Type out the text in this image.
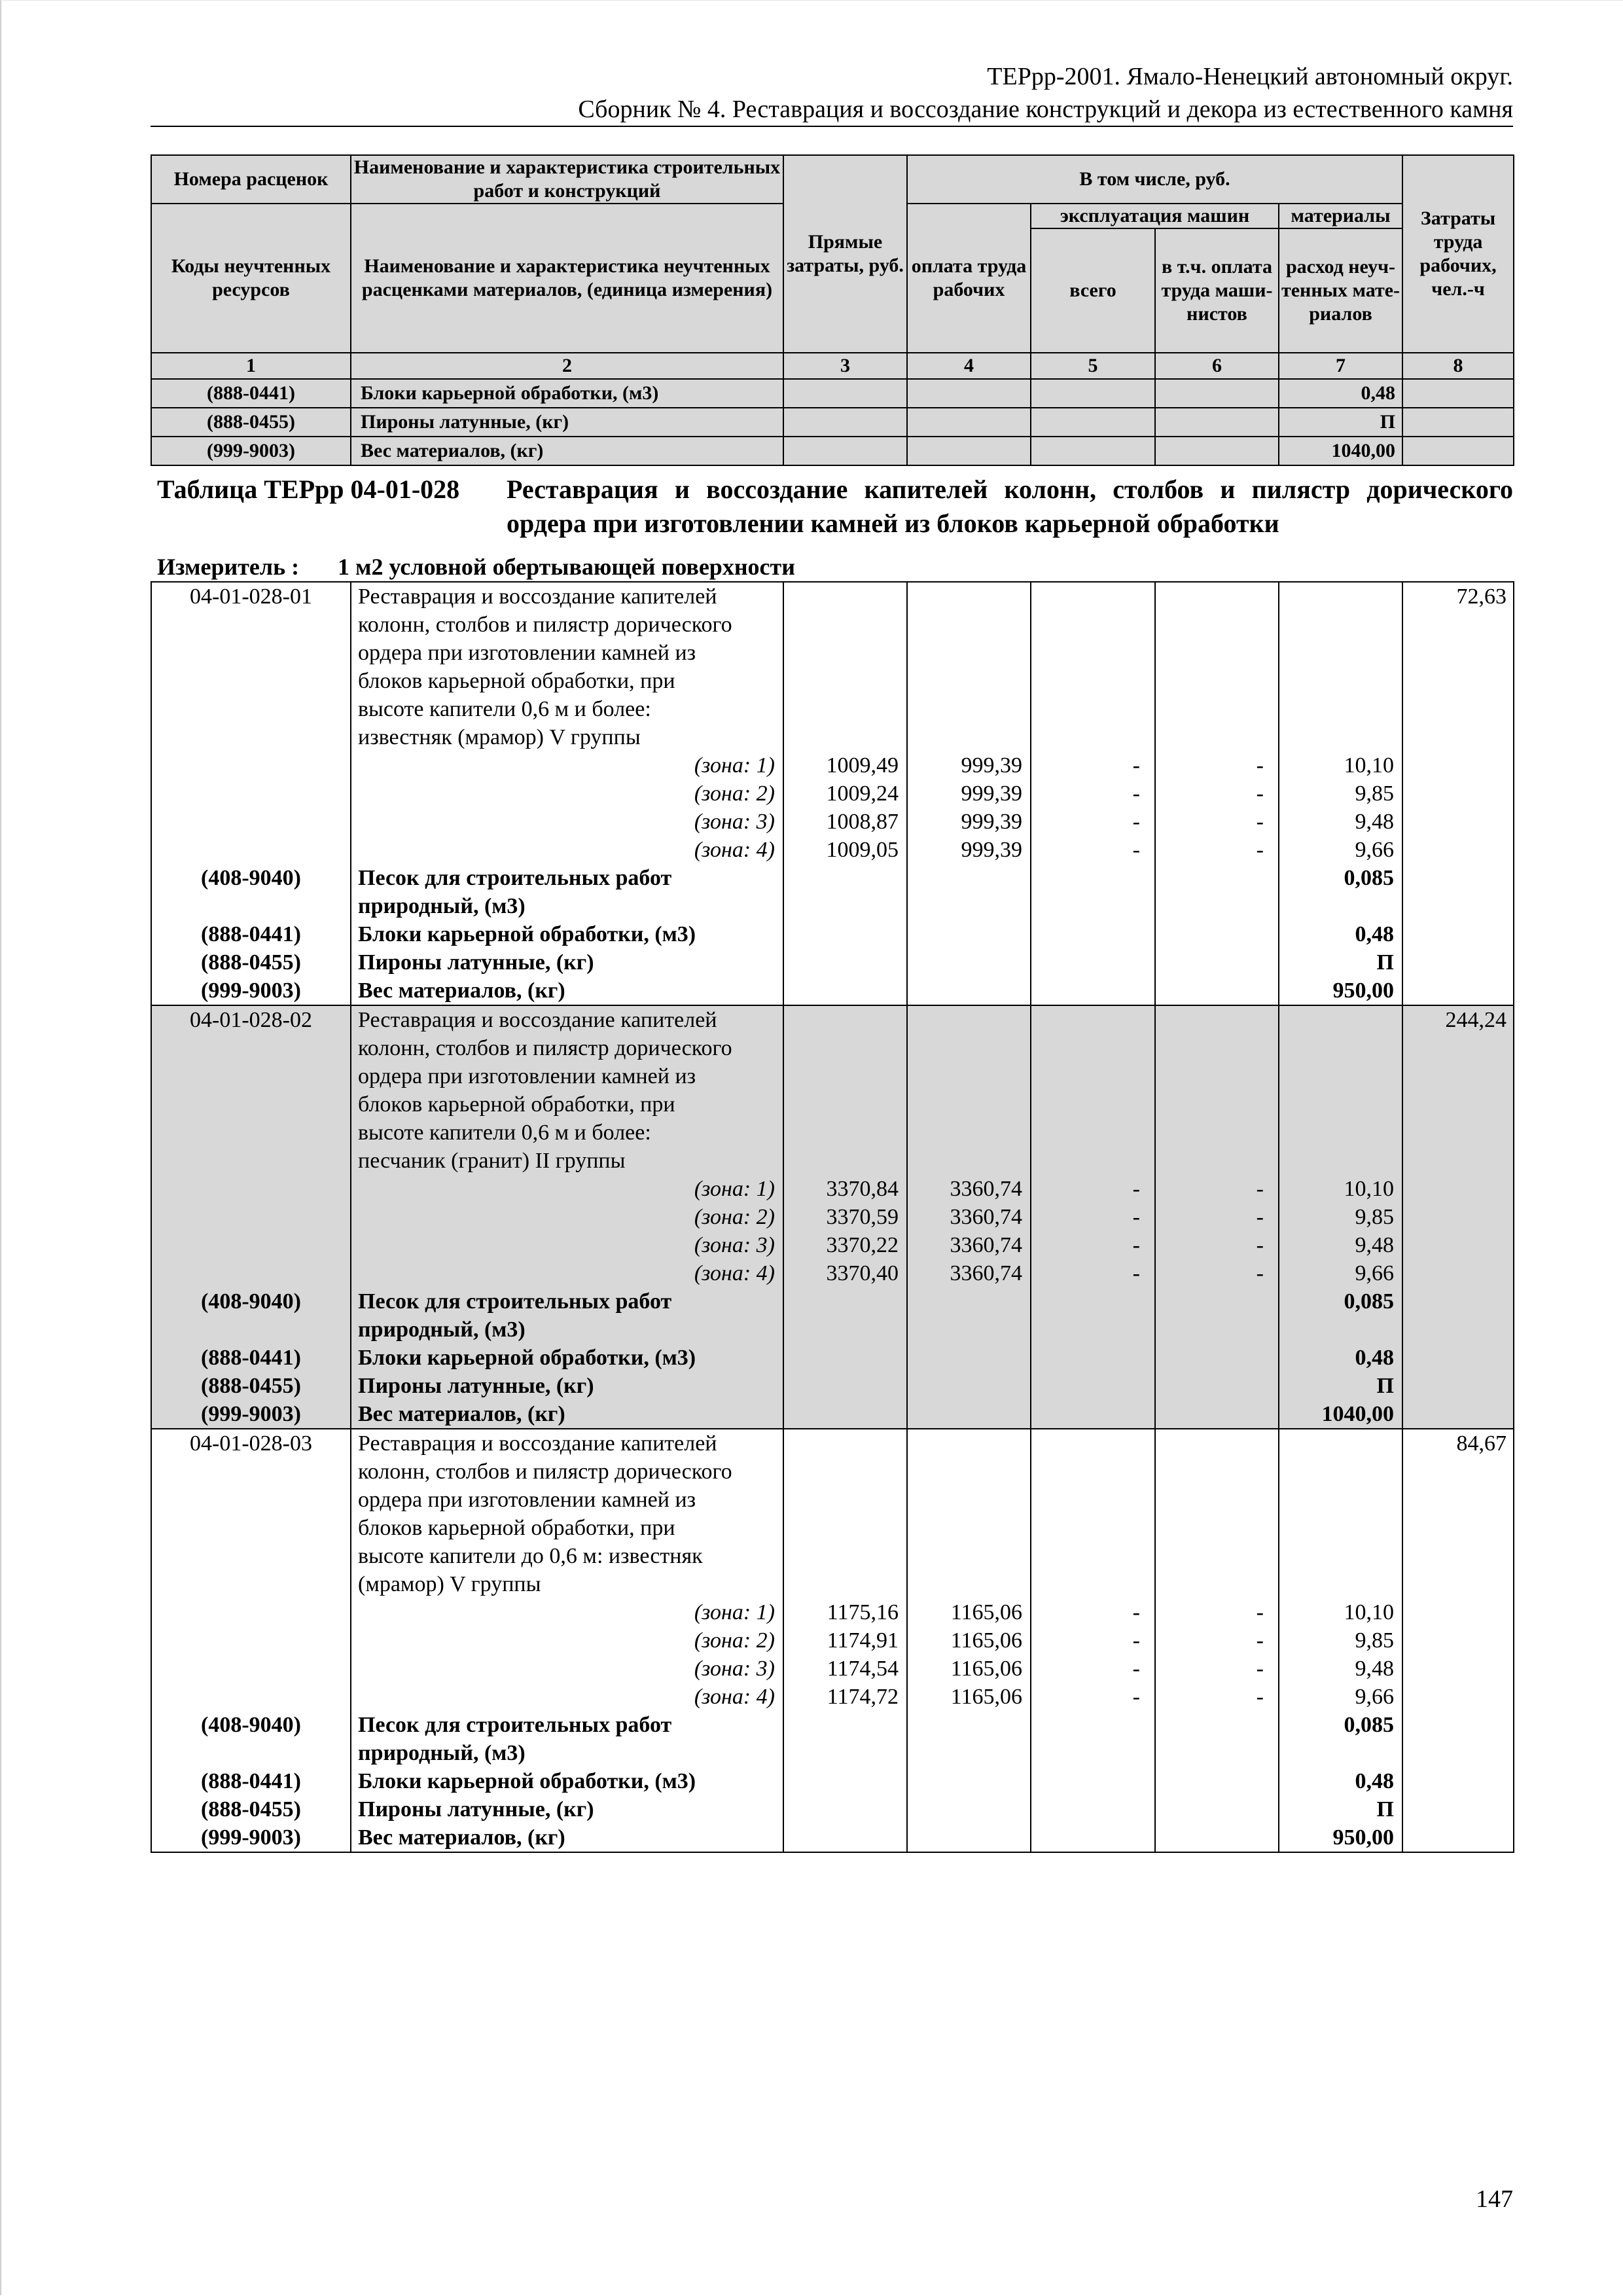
ТЕРрр-2001. Ямало-Ненецкий автономный округ.
Сборник № 4. Реставрация и воссоздание конструкций и декора из естественного камня
Номера расценок	Наименование и характеристика строительных работ и конструкций	Прямые затраты, руб.	В том числе, руб.				Затраты труда рабочих, чел.-ч
Коды неучтенных ресурсов	Наименование и характеристика неучтенных расценками материалов, (единица измерения)		оплата труда рабочих	эксплуатация машин		материалы	
				всего	в т.ч. оплата труда маши-нистов	расход неуч-тенных мате-риалов	
1	2	3	4	5	6	7	8
(888-0441)	Блоки карьерной обработки, (м3)					0,48	
(888-0455)	Пироны латунные, (кг)					П	
(999-9003)	Вес материалов, (кг)					1040,00	
Таблица ТЕРрр 04-01-028 Реставрация и воссоздание капителей колонн, столбов и пилястр дорического ордера при изготовлении камней из блоков карьерной обработки
Измеритель : 1 м2 условной обертывающей поверхности
04-01-028-01	Реставрация и воссоздание капителей						72,63
	колонн, столбов и пилястр дорического						
	ордера при изготовлении камней из						
	блоков карьерной обработки, при						
	высоте капители 0,6 м и более:						
	известняк (мрамор) V группы						
	(зона: 1)	1009,49	999,39	-	-	10,10	
	(зона: 2)	1009,24	999,39	-	-	9,85	
	(зона: 3)	1008,87	999,39	-	-	9,48	
	(зона: 4)	1009,05	999,39	-	-	9,66	
(408-9040)	Песок для строительных работ					0,085	
	природный, (м3)						
(888-0441)	Блоки карьерной обработки, (м3)					0,48	
(888-0455)	Пироны латунные, (кг)					П	
(999-9003)	Вес материалов, (кг)					950,00	
04-01-028-02	Реставрация и воссоздание капителей						244,24
	колонн, столбов и пилястр дорического						
	ордера при изготовлении камней из						
	блоков карьерной обработки, при						
	высоте капители 0,6 м и более:						
	песчаник (гранит) II группы						
	(зона: 1)	3370,84	3360,74	-	-	10,10	
	(зона: 2)	3370,59	3360,74	-	-	9,85	
	(зона: 3)	3370,22	3360,74	-	-	9,48	
	(зона: 4)	3370,40	3360,74	-	-	9,66	
(408-9040)	Песок для строительных работ					0,085	
	природный, (м3)						
(888-0441)	Блоки карьерной обработки, (м3)					0,48	
(888-0455)	Пироны латунные, (кг)					П	
(999-9003)	Вес материалов, (кг)					1040,00	
04-01-028-03	Реставрация и воссоздание капителей						84,67
	колонн, столбов и пилястр дорического						
	ордера при изготовлении камней из						
	блоков карьерной обработки, при						
	высоте капители до 0,6 м: известняк						
	(мрамор) V группы						
	(зона: 1)	1175,16	1165,06	-	-	10,10	
	(зона: 2)	1174,91	1165,06	-	-	9,85	
	(зона: 3)	1174,54	1165,06	-	-	9,48	
	(зона: 4)	1174,72	1165,06	-	-	9,66	
(408-9040)	Песок для строительных работ					0,085	
	природный, (м3)						
(888-0441)	Блоки карьерной обработки, (м3)					0,48	
(888-0455)	Пироны латунные, (кг)					П	
(999-9003)	Вес материалов, (кг)					950,00	
147
